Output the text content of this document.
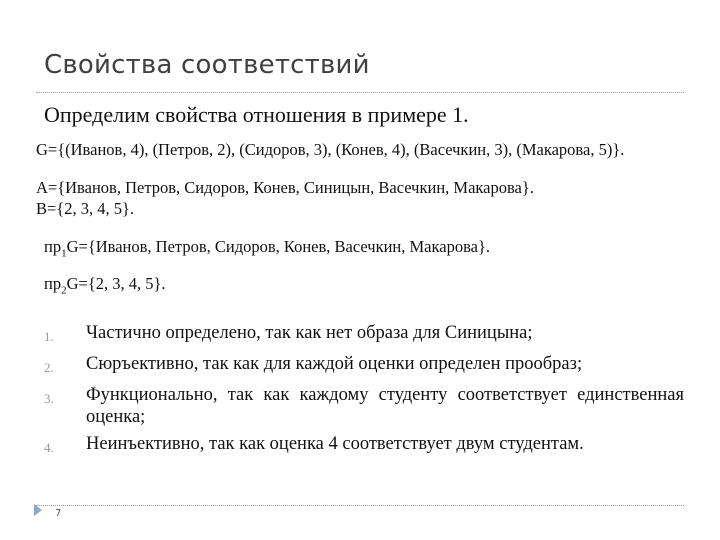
Свойства соответствий
Определим свойства отношения в примере 1.
G={(Иванов, 4), (Петров, 2), (Сидоров, 3), (Конев, 4), (Васечкин, 3), (Макарова, 5)}.
A={Иванов, Петров, Сидоров, Конев, Синицын, Васечкин, Макарова}.
B={2, 3, 4, 5}.
$пр_1G=\{Иванов$, Петров, Сидоров, Конев, Васечкин, Макарова}.
$пр_2G=\{2$, 3, 4, 5}.
1.	Частично определено, так как нет образа для Синицына;
2.	Сюръективно, так как для каждой оценки определен прообраз;
3.	Функционально, так как каждому студенту соответствует единственная оценка;
4.	Неинъективно, так как оценка 4 соответствует двум студентам.
7
